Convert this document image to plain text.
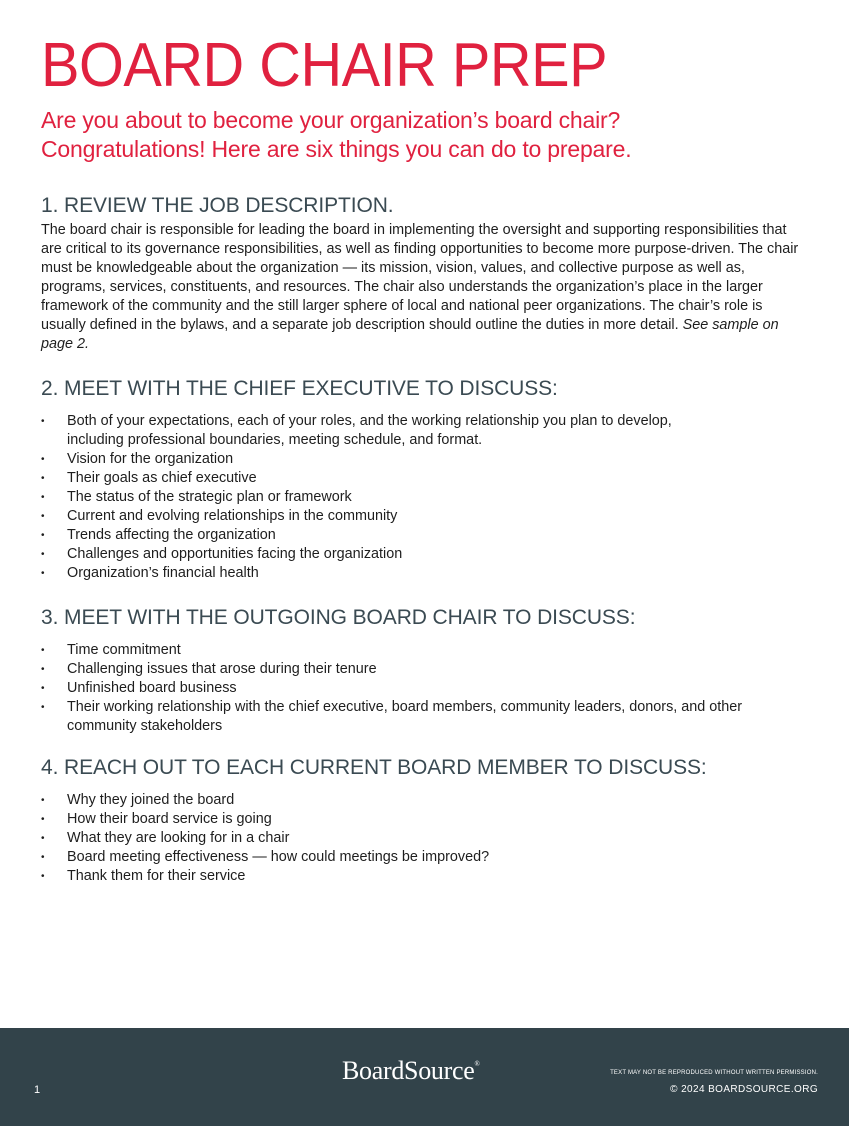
BOARD CHAIR PREP
Are you about to become your organization’s board chair?
Congratulations! Here are six things you can do to prepare.
1. REVIEW THE JOB DESCRIPTION.

The board chair is responsible for leading the board in implementing the oversight and supporting responsibilities that are critical to its governance responsibilities, as well as finding opportunities to become more purpose-driven. The chair must be knowledgeable about the organization — its mission, vision, values, and collective purpose as well as, programs, services, constituents, and resources. The chair also understands the organization’s place in the larger framework of the community and the still larger sphere of local and national peer organizations. The chair’s role is usually defined in the bylaws, and a separate job description should outline the duties in more detail. See sample on page 2.

2. MEET WITH THE CHIEF EXECUTIVE TO DISCUSS:
• Both of your expectations, each of your roles, and the working relationship you plan to develop,
including professional boundaries, meeting schedule, and format.
• Vision for the organization
• Their goals as chief executive
• The status of the strategic plan or framework
• Current and evolving relationships in the community
• Trends affecting the organization
• Challenges and opportunities facing the organization
• Organization’s financial health
3. MEET WITH THE OUTGOING BOARD CHAIR TO DISCUSS:
• Time commitment
• Challenging issues that arose during their tenure
• Unfinished board business
• Their working relationship with the chief executive, board members, community leaders, donors, and other
community stakeholders
4. REACH OUT TO EACH CURRENT BOARD MEMBER TO DISCUSS:
• Why they joined the board
• How their board service is going
• What they are looking for in a chair
• Board meeting effectiveness — how could meetings be improved?
• Thank them for their service
1
BoardSource®
TEXT MAY NOT BE REPRODUCED WITHOUT WRITTEN PERMISSION.
© 2024 BOARDSOURCE.ORG
